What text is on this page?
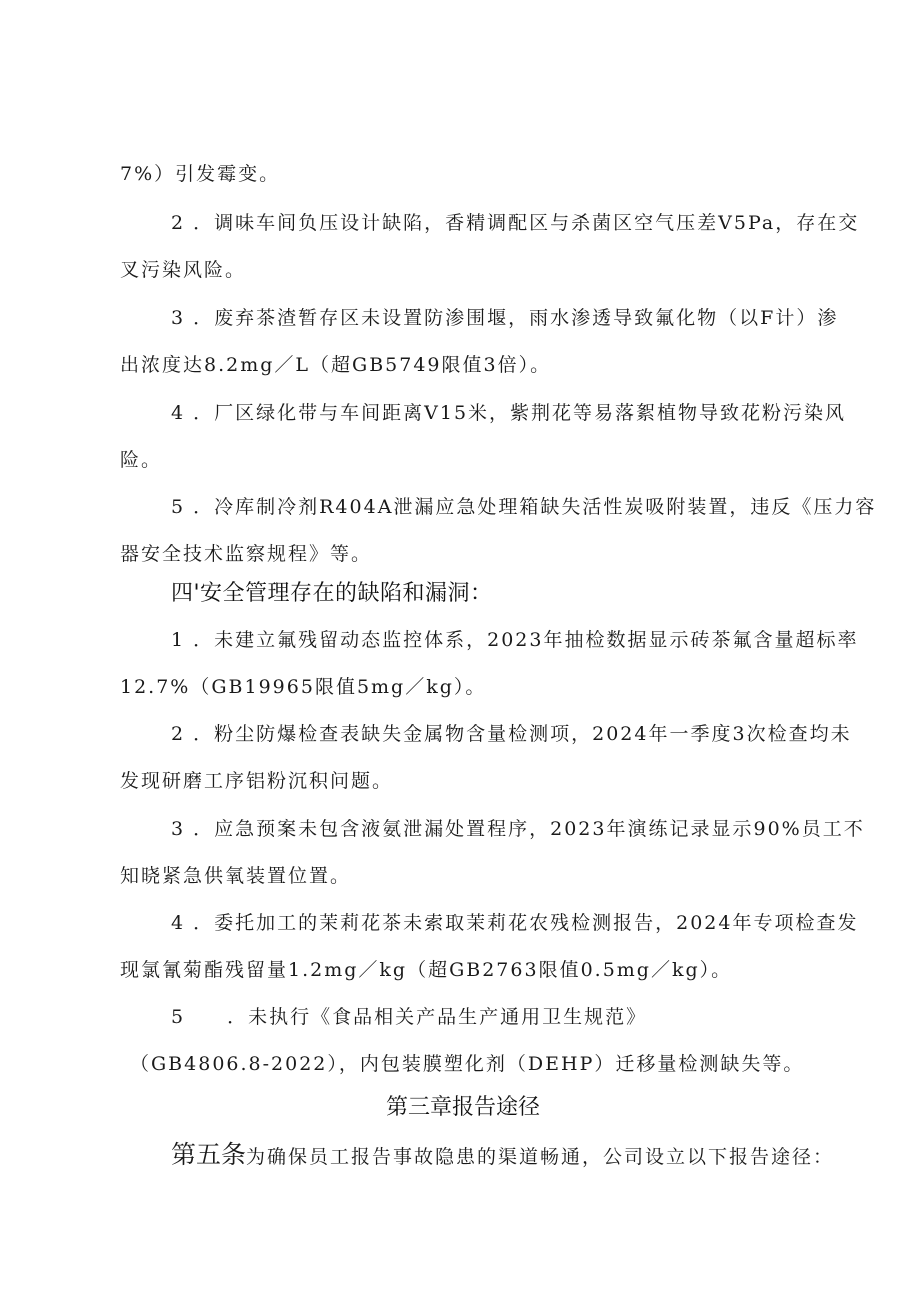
7%）引发霉变。
2 ．调味车间负压设计缺陷，香精调配区与杀菌区空气压差V5Pa，存在交
叉污染风险。
3 ．废弃茶渣暂存区未设置防渗围堰，雨水渗透导致氟化物（以F计）渗
出浓度达8.2mg／L（超GB5749限值3倍）。
4 ．厂区绿化带与车间距离V15米，紫荆花等易落絮植物导致花粉污染风
险。
5 ．冷库制冷剂R404A泄漏应急处理箱缺失活性炭吸附装置，违反《压力容
器安全技术监察规程》等。
四'安全管理存在的缺陷和漏洞：
1 ．未建立氟残留动态监控体系，2023年抽检数据显示砖茶氟含量超标率
12.7%（GB19965限值5mg／kg）。
2 ．粉尘防爆检查表缺失金属物含量检测项，2024年一季度3次检查均未
发现研磨工序铝粉沉积问题。
3 ．应急预案未包含液氨泄漏处置程序，2023年演练记录显示90%员工不
知晓紧急供氧装置位置。
4 ．委托加工的茉莉花茶未索取茉莉花农残检测报告，2024年专项检查发
现氯氰菊酯残留量1.2mg／kg（超GB2763限值0.5mg／kg）。
5　　．未执行《食品相关产品生产通用卫生规范》
（GB4806.8-2022），内包装膜塑化剂（DEHP）迁移量检测缺失等。
第三章报告途径
第五条为确保员工报告事故隐患的渠道畅通，公司设立以下报告途径：
